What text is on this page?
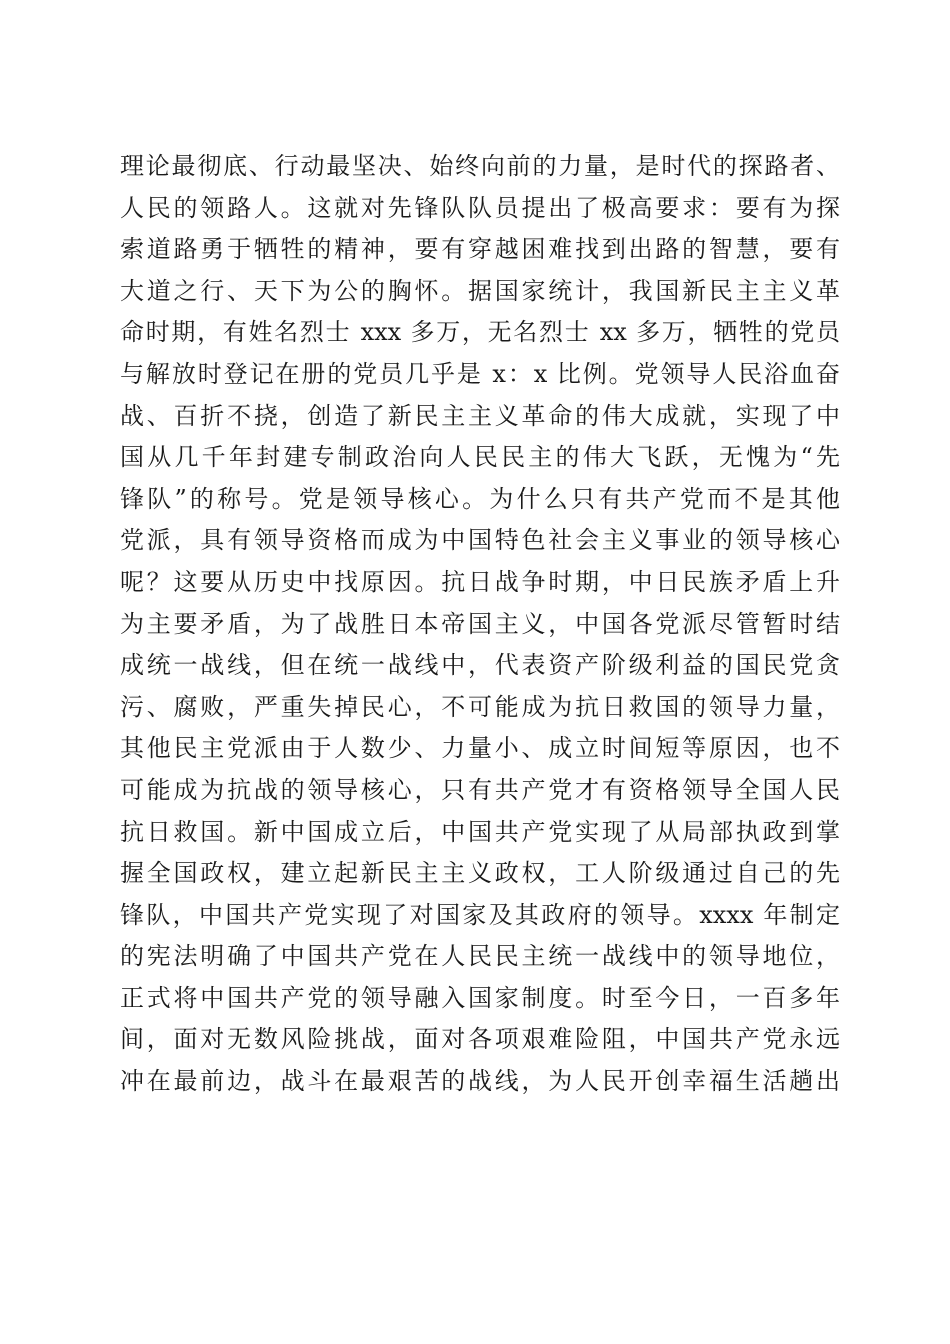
理论最彻底、行动最坚决、始终向前的力量，是时代的探路者、
人民的领路人。这就对先锋队队员提出了极高要求：要有为探
索道路勇于牺牲的精神，要有穿越困难找到出路的智慧，要有
大道之行、天下为公的胸怀。据国家统计，我国新民主主义革
命时期，有姓名烈士 xxx 多万，无名烈士 xx 多万，牺牲的党员
与解放时登记在册的党员几乎是 x：x 比例。党领导人民浴血奋
战、百折不挠，创造了新民主主义革命的伟大成就，实现了中
国从几千年封建专制政治向人民民主的伟大飞跃，无愧为“先
锋队”的称号。党是领导核心。为什么只有共产党而不是其他
党派，具有领导资格而成为中国特色社会主义事业的领导核心
呢？这要从历史中找原因。抗日战争时期，中日民族矛盾上升
为主要矛盾，为了战胜日本帝国主义，中国各党派尽管暂时结
成统一战线，但在统一战线中，代表资产阶级利益的国民党贪
污、腐败，严重失掉民心，不可能成为抗日救国的领导力量，
其他民主党派由于人数少、力量小、成立时间短等原因，也不
可能成为抗战的领导核心，只有共产党才有资格领导全国人民
抗日救国。新中国成立后，中国共产党实现了从局部执政到掌
握全国政权，建立起新民主主义政权，工人阶级通过自己的先
锋队，中国共产党实现了对国家及其政府的领导。xxxx 年制定
的宪法明确了中国共产党在人民民主统一战线中的领导地位，
正式将中国共产党的领导融入国家制度。时至今日，一百多年
间，面对无数风险挑战，面对各项艰难险阻，中国共产党永远
冲在最前边，战斗在最艰苦的战线，为人民开创幸福生活趟出
